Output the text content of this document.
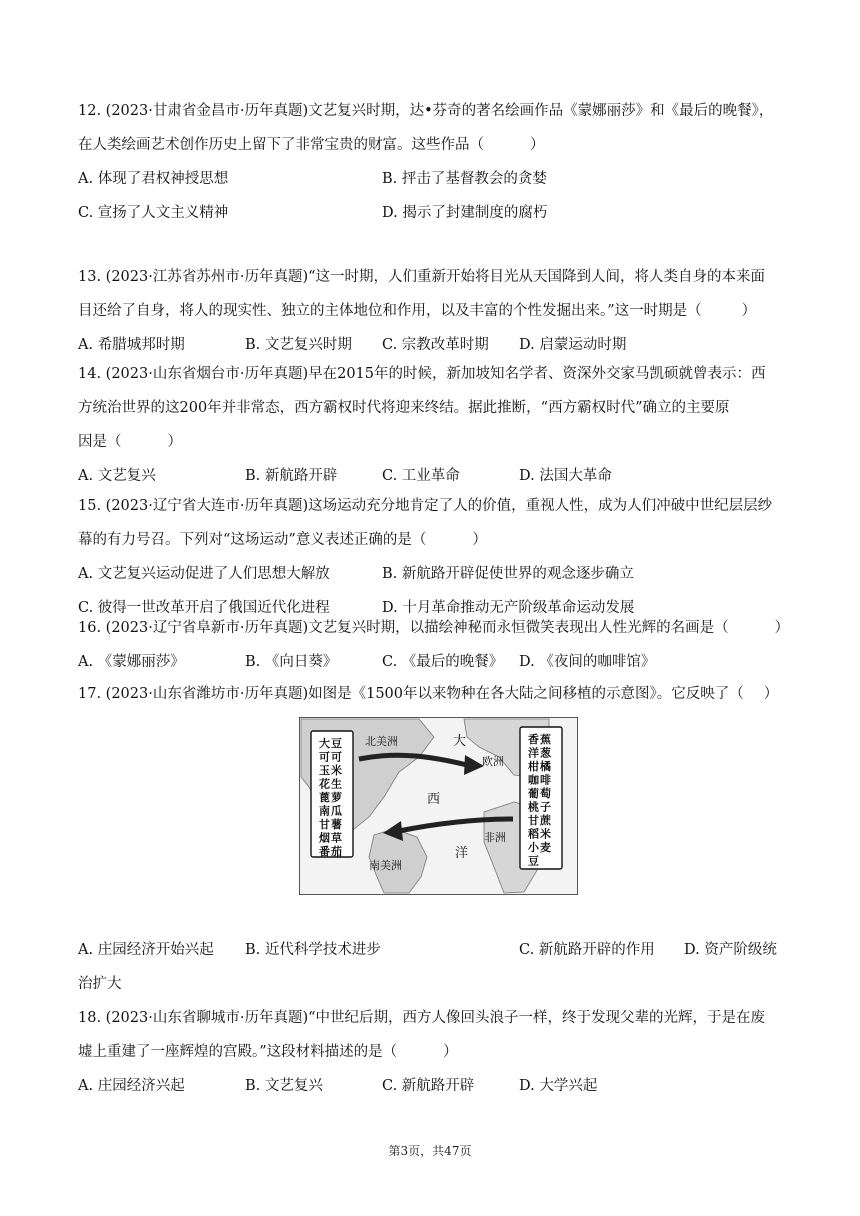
12. (2023·甘肃省金昌市·历年真题)文艺复兴时期，达•芬奇的著名绘画作品《蒙娜丽莎》和《最后的晚餐》，
在人类绘画艺术创作历史上留下了非常宝贵的财富。这些作品（	）

A. 体现了君权神授思想	B. 抨击了基督教会的贪婪
C. 宣扬了人文主义精神	D. 揭示了封建制度的腐朽

13. (2023·江苏省苏州市·历年真题)“这一时期，人们重新开始将目光从天国降到人间，将人类自身的本来面
目还给了自身，将人的现实性、独立的主体地位和作用，以及丰富的个性发掘出来。”这一时期是（	）

A. 希腊城邦时期	B. 文艺复兴时期 C. 宗教改革时期 D. 启蒙运动时期

14. (2023·山东省烟台市·历年真题)早在2015年的时候，新加坡知名学者、资深外交家马凯硕就曾表示：西
方统治世界的这200年并非常态，西方霸权时代将迎来终结。据此推断，“西方霸权时代”确立的主要原
因是（	）

A. 文艺复兴	B. 新航路开辟	C. 工业革命	D. 法国大革命

15. (2023·辽宁省大连市·历年真题)这场运动充分地肯定了人的价值，重视人性，成为人们冲破中世纪层层纱
幕的有力号召。下列对“这场运动”意义表述正确的是（	）

A. 文艺复兴运动促进了人们思想大解放	B. 新航路开辟促使世界的观念逐步确立
C. 彼得一世改革开启了俄国近代化进程	D. 十月革命推动无产阶级革命运动发展

16. (2023·辽宁省阜新市·历年真题)文艺复兴时期，以描绘神秘而永恒微笑表现出人性光辉的名画是（	）

A. 《蒙娜丽莎》	B. 《向日葵》	C. 《最后的晚餐》 D. 《夜间的咖啡馆》

17. (2023·山东省潍坊市·历年真题)如图是《1500年以来物种在各大陆之间移植的示意图》。它反映了（ ）

大 豆
可 可
玉 米
花 生
蓖 萝
南 瓜
甘 薯
烟 草
番 茄
香 蕉
洋 葱
柑 橘
咖 啡
葡 萄
桃 子
甘 蔗
稻 米
小 麦
豆
北美洲
欧洲
非洲
南美洲
大
西
洋
A. 庄园经济开始兴起 B. 近代科学技术进步	C. 新航路开辟的作用 D. 资产阶级统
治扩大

18. (2023·山东省聊城市·历年真题)“中世纪后期，西方人像回头浪子一样，终于发现父辈的光辉，于是在废
墟上重建了一座辉煌的宫殿。”这段材料描述的是（	）

A. 庄园经济兴起	B. 文艺复兴	C. 新航路开辟	D. 大学兴起
第3页，共47页
